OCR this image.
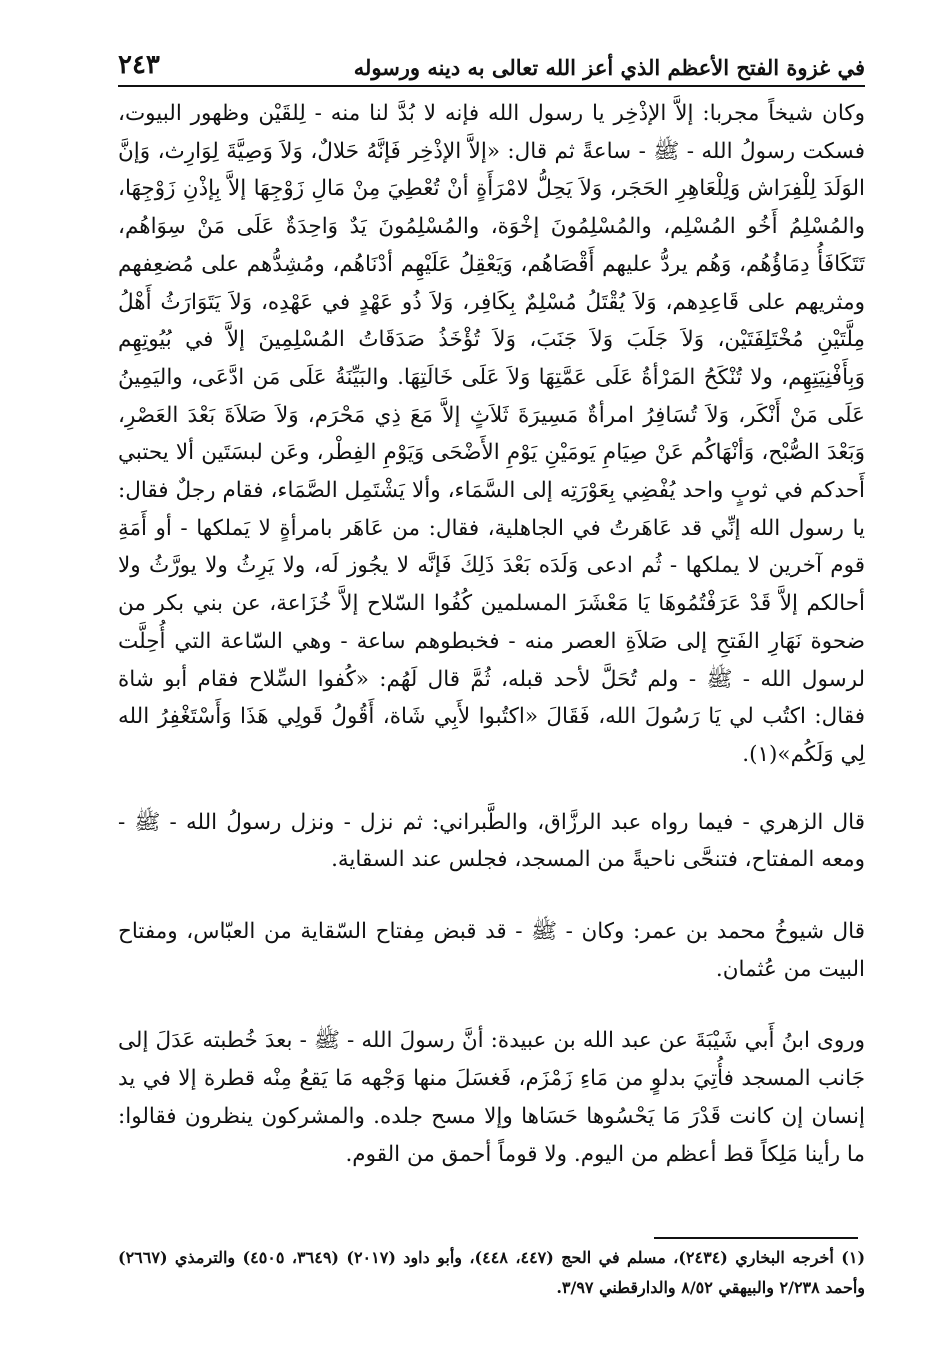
في غزوة الفتح الأعظم الذي أعز الله تعالى به دينه ورسوله
٢٤٣

وكان شيخاً مجربا: إلاَّ الإذْخِر يا رسول الله فإنه لا بُدَّ لنا منه - لِلقَيْن وظهور البيوت، فسكت رسولُ الله - ﷺ - ساعةً ثم قال: «إلاَّ الإذْخِر فَإنَّهُ حَلالٌ، وَلاَ وَصِيَّةَ لِوَارِث، وَإنَّ الوَلَدَ لِلْفِرَاش وَلِلْعَاهِرِ الحَجَر، وَلاَ يَحِلُّ لامْرَأَةٍ أنْ تُعْطِيَ مِنْ مَالِ زَوْجِهَا إلاَّ بِإذْنِ زَوْجِهَا، والمُسْلِمُ أَخُو المُسْلِم، والمُسْلِمُونَ إخْوَة، والمُسْلِمُونَ يَدٌ وَاحِدَةٌ عَلَى مَنْ سِوَاهُم، تَتَكَافَأُ دِمَاؤُهُم، وَهُم يردُّ عليهم أَقْصَاهُم، وَيَعْقِلُ عَلَيْهِم أدْنَاهُم، ومُشِدُّهم على مُضعِفهم ومثريهم على قَاعِدِهم، وَلاَ يُقْتَلُ مُسْلِمٌ بِكَافِر، وَلاَ ذُو عَهْدٍ في عَهْدِه، وَلاَ يَتَوَارَثُ أَهْلُ مِلَّتَيْنِ مُخْتَلِفَتَيْن، وَلاَ جَلَبَ وَلاَ جَنَبَ، وَلاَ تُؤْخَذُ صَدَقَاتُ المُسْلِمِينَ إلاَّ في بُيُوتِهِم وَبِأَفْنِيَتِهِم، ولا تُنْكَحُ المَرْأةُ عَلَى عَمَّتِهَا وَلاَ عَلَى خَالَتِهَا. والبَيِّنَةُ عَلَى مَن ادَّعَى، واليَمِينُ عَلَى مَنْ أَنْكَر، وَلاَ تُسَافِرُ امرأةٌ مَسِيرَةَ ثَلاَثٍ إلاَّ مَعَ ذِي مَحْرَم، وَلاَ صَلاَةَ بَعْدَ العَصْرِ، وَبَعْدَ الصُّبْح، وَأنْهَاكُم عَنْ صِيَامِ يَومَيْنِ يَوْمِ الأَضْحَى وَيَوْمِ الفِطْر، وعَن لبسَتَين ألا يحتبي أَحدكم في ثوبٍ واحد يُفْضِي بِعَوْرَتِه إلى السَّمَاء، وألا يَشْتَمِل الصَّمَاء، فقام رجلٌ فقال: يا رسول الله إنِّي قد عَاهَرتُ في الجاهلية، فقال: من عَاهَر بامرأةٍ لا يَملكها - أو أَمَةِ قوم آخرين لا يملكها - ثُم ادعى وَلَدَه بَعْدَ ذَلِكَ فَإنَّه لا يجُوز لَه، ولا يَرِثُ ولا يورَّثُ ولا أحالكم إلاَّ قَدْ عَرَفْتُمُوهَا يَا مَعْشَرَ المسلمين كُفُوا السّلاح إلاَّ خُزَاعة، عن بني بكر من ضحوة نَهَارِ الفَتحِ إلى صَلاَةِ العصر منه - فخبطوهم ساعة - وهي السّاعة التي أُحِلَّت لرسول الله - ﷺ - ولم تُحَلَّ لأحد قبله، ثُمَّ قال لَهُم: «كُفوا السِّلاح فقام أبو شاة فقال: اكتُب لي يَا رَسُولَ الله، فَقَالَ «اكتُبوا لأَبِي شَاة، أَقُولُ قَولِي هَذَا وَأَسْتَغْفِرُ الله لِي وَلَكُم»(١).

قال الزهري - فيما رواه عبد الرزَّاق، والطَّبراني: ثم نزل - ونزل رسولُ الله - ﷺ - ومعه المفتاح، فتنحَّى ناحيةً من المسجد، فجلس عند السقاية.

قال شيوخُ محمد بن عمر: وكان - ﷺ - قد قبض مِفتاح السّقاية من العبّاس، ومفتاح البيت من عُثمان.

وروى ابنُ أَبي شَيْبَةَ عن عبد الله بن عبيدة: أنَّ رسولَ الله - ﷺ - بعدَ خُطبته عَدَلَ إلى جَانب المسجد فأُتِيَ بدلوٍ من مَاءِ زَمْزَم، فَغسَلَ منها وَجْهه مَا يَقعُ مِنْه قطرة إلا في يد إنسان إن كانت قَدْرَ مَا يَحْسُوها حَسَاها وإلا مسح جلده. والمشركون ينظرون فقالوا: ما رأينا مَلِكاً قط أعظم من اليوم. ولا قوماً أحمق من القوم.

(١) أخرجه البخاري (٢٤٣٤)، مسلم في الحج (٤٤٧، ٤٤٨)، وأبو داود (٢٠١٧) (٣٦٤٩، ٤٥٠٥) والترمذي (٢٦٦٧) وأحمد ٢/٢٣٨ والبيهقي ٨/٥٢ والدارقطني ٣/٩٧.
